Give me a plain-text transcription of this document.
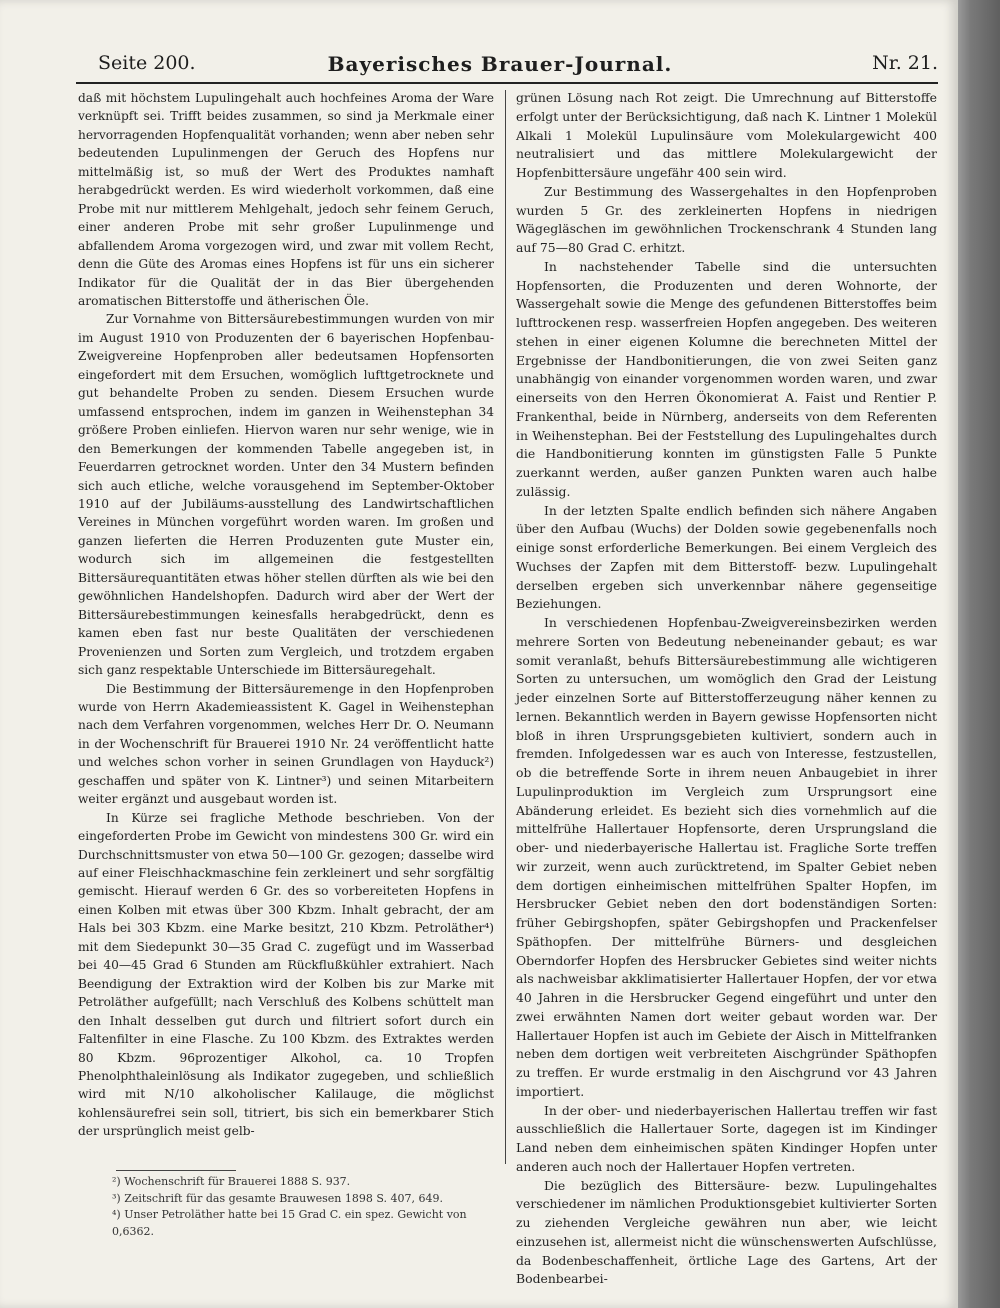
Seite 200.	Bayerisches Brauer-Journal.	Nr. 21.

daß mit höchstem Lupulingehalt auch hochfeines Aroma der Ware verknüpft sei. Trifft beides zusammen, so sind ja Merkmale einer hervorragenden Hopfenqualität vorhanden; wenn aber neben sehr bedeutenden Lupulinmengen der Geruch des Hopfens nur mittelmäßig ist, so muß der Wert des Produktes namhaft herabgedrückt werden. Es wird wiederholt vorkommen, daß eine Probe mit nur mittlerem Mehlgehalt, jedoch sehr feinem Geruch, einer anderen Probe mit sehr großer Lupulinmenge und abfallendem Aroma vorgezogen wird, und zwar mit vollem Recht, denn die Güte des Aromas eines Hopfens ist für uns ein sicherer Indikator für die Qualität der in das Bier übergehenden aromatischen Bitterstoffe und ätherischen Öle.

Zur Vornahme von Bittersäurebestimmungen wurden von mir im August 1910 von Produzenten der 6 bayerischen Hopfenbau-Zweigvereine Hopfenproben aller bedeutsamen Hopfensorten eingefordert mit dem Ersuchen, womöglich lufttgetrocknete und gut behandelte Proben zu senden. Diesem Ersuchen wurde umfassend entsprochen, indem im ganzen in Weihenstephan 34 größere Proben einliefen. Hiervon waren nur sehr wenige, wie in den Bemerkungen der kommenden Tabelle angegeben ist, in Feuerdarren getrocknet worden. Unter den 34 Mustern befinden sich auch etliche, welche vorausgehend im September-Oktober 1910 auf der Jubiläums-ausstellung des Landwirtschaftlichen Vereines in München vorgeführt worden waren. Im großen und ganzen lieferten die Herren Produzenten gute Muster ein, wodurch sich im allgemeinen die festgestellten Bittersäurequantitäten etwas höher stellen dürften als wie bei den gewöhnlichen Handelshopfen. Dadurch wird aber der Wert der Bittersäurebestimmungen keinesfalls herabgedrückt, denn es kamen eben fast nur beste Qualitäten der verschiedenen Provenienzen und Sorten zum Vergleich, und trotzdem ergaben sich ganz respektable Unterschiede im Bittersäuregehalt.

Die Bestimmung der Bittersäuremenge in den Hopfenproben wurde von Herrn Akademieassistent K. Gagel in Weihenstephan nach dem Verfahren vorgenommen, welches Herr Dr. O. Neumann in der Wochenschrift für Brauerei 1910 Nr. 24 veröffentlicht hatte und welches schon vorher in seinen Grundlagen von Hayduck²) geschaffen und später von K. Lintner³) und seinen Mitarbeitern weiter ergänzt und ausgebaut worden ist.

In Kürze sei fragliche Methode beschrieben. Von der eingeforderten Probe im Gewicht von mindestens 300 Gr. wird ein Durchschnittsmuster von etwa 50—100 Gr. gezogen; dasselbe wird auf einer Fleischhackmaschine fein zerkleinert und sehr sorgfältig gemischt. Hierauf werden 6 Gr. des so vorbereiteten Hopfens in einen Kolben mit etwas über 300 Kbzm. Inhalt gebracht, der am Hals bei 303 Kbzm. eine Marke besitzt, 210 Kbzm. Petroläther⁴) mit dem Siedepunkt 30—35 Grad C. zugefügt und im Wasserbad bei 40—45 Grad 6 Stunden am Rückflußkühler extrahiert. Nach Beendigung der Extraktion wird der Kolben bis zur Marke mit Petroläther aufgefüllt; nach Verschluß des Kolbens schüttelt man den Inhalt desselben gut durch und filtriert sofort durch ein Faltenfilter in eine Flasche. Zu 100 Kbzm. des Extraktes werden 80 Kbzm. 96prozentiger Alkohol, ca. 10 Tropfen Phenolphthaleinlösung als Indikator zugegeben, und schließlich wird mit N/10 alkoholischer Kalilauge, die möglichst kohlensäurefrei sein soll, titriert, bis sich ein bemerkbarer Stich der ursprünglich meist gelb-

²) Wochenschrift für Brauerei 1888 S. 937.
³) Zeitschrift für das gesamte Brauwesen 1898 S. 407, 649.
⁴) Unser Petroläther hatte bei 15 Grad C. ein spez. Gewicht von 0,6362.

grünen Lösung nach Rot zeigt. Die Umrechnung auf Bitterstoffe erfolgt unter der Berücksichtigung, daß nach K. Lintner 1 Molekül Alkali 1 Molekül Lupulinsäure vom Molekulargewicht 400 neutralisiert und das mittlere Molekulargewicht der Hopfenbittersäure ungefähr 400 sein wird.

Zur Bestimmung des Wassergehaltes in den Hopfenproben wurden 5 Gr. des zerkleinerten Hopfens in niedrigen Wägegläschen im gewöhnlichen Trockenschrank 4 Stunden lang auf 75—80 Grad C. erhitzt.

In nachstehender Tabelle sind die untersuchten Hopfensorten, die Produzenten und deren Wohnorte, der Wassergehalt sowie die Menge des gefundenen Bitterstoffes beim lufttrockenen resp. wasserfreien Hopfen angegeben. Des weiteren stehen in einer eigenen Kolumne die berechneten Mittel der Ergebnisse der Handbonitierungen, die von zwei Seiten ganz unabhängig von einander vorgenommen worden waren, und zwar einerseits von den Herren Ökonomierat A. Faist und Rentier P. Frankenthal, beide in Nürnberg, anderseits von dem Referenten in Weihenstephan. Bei der Feststellung des Lupulingehaltes durch die Handbonitierung konnten im günstigsten Falle 5 Punkte zuerkannt werden, außer ganzen Punkten waren auch halbe zulässig.

In der letzten Spalte endlich befinden sich nähere Angaben über den Aufbau (Wuchs) der Dolden sowie gegebenenfalls noch einige sonst erforderliche Bemerkungen. Bei einem Vergleich des Wuchses der Zapfen mit dem Bitterstoff- bezw. Lupulingehalt derselben ergeben sich unverkennbar nähere gegenseitige Beziehungen.

In verschiedenen Hopfenbau-Zweigvereinsbezirken werden mehrere Sorten von Bedeutung nebeneinander gebaut; es war somit veranlaßt, behufs Bittersäurebestimmung alle wichtigeren Sorten zu untersuchen, um womöglich den Grad der Leistung jeder einzelnen Sorte auf Bitterstofferzeugung näher kennen zu lernen. Bekanntlich werden in Bayern gewisse Hopfensorten nicht bloß in ihren Ursprungsgebieten kultiviert, sondern auch in fremden. Infolgedessen war es auch von Interesse, festzustellen, ob die betreffende Sorte in ihrem neuen Anbaugebiet in ihrer Lupulinproduktion im Vergleich zum Ursprungsort eine Abänderung erleidet. Es bezieht sich dies vornehmlich auf die mittelfrühe Hallertauer Hopfensorte, deren Ursprungsland die ober- und niederbayerische Hallertau ist. Fragliche Sorte treffen wir zurzeit, wenn auch zurücktretend, im Spalter Gebiet neben dem dortigen einheimischen mittelfrühen Spalter Hopfen, im Hersbrucker Gebiet neben den dort bodenständigen Sorten: früher Gebirgshopfen, später Gebirgshopfen und Prackenfelser Späthopfen. Der mittelfrühe Bürners- und desgleichen Oberndorfer Hopfen des Hersbrucker Gebietes sind weiter nichts als nachweisbar akklimatisierter Hallertauer Hopfen, der vor etwa 40 Jahren in die Hersbrucker Gegend eingeführt und unter den zwei erwähnten Namen dort weiter gebaut worden war. Der Hallertauer Hopfen ist auch im Gebiete der Aisch in Mittelfranken neben dem dortigen weit verbreiteten Aischgründer Späthopfen zu treffen. Er wurde erstmalig in den Aischgrund vor 43 Jahren importiert.

In der ober- und niederbayerischen Hallertau treffen wir fast ausschließlich die Hallertauer Sorte, dagegen ist im Kindinger Land neben dem einheimischen späten Kindinger Hopfen unter anderen auch noch der Hallertauer Hopfen vertreten.

Die bezüglich des Bittersäure- bezw. Lupulingehaltes verschiedener im nämlichen Produktionsgebiet kultivierter Sorten zu ziehenden Vergleiche gewähren nun aber, wie leicht einzusehen ist, allermeist nicht die wünschenswerten Aufschlüsse, da Bodenbeschaffenheit, örtliche Lage des Gartens, Art der Bodenbearbei-
